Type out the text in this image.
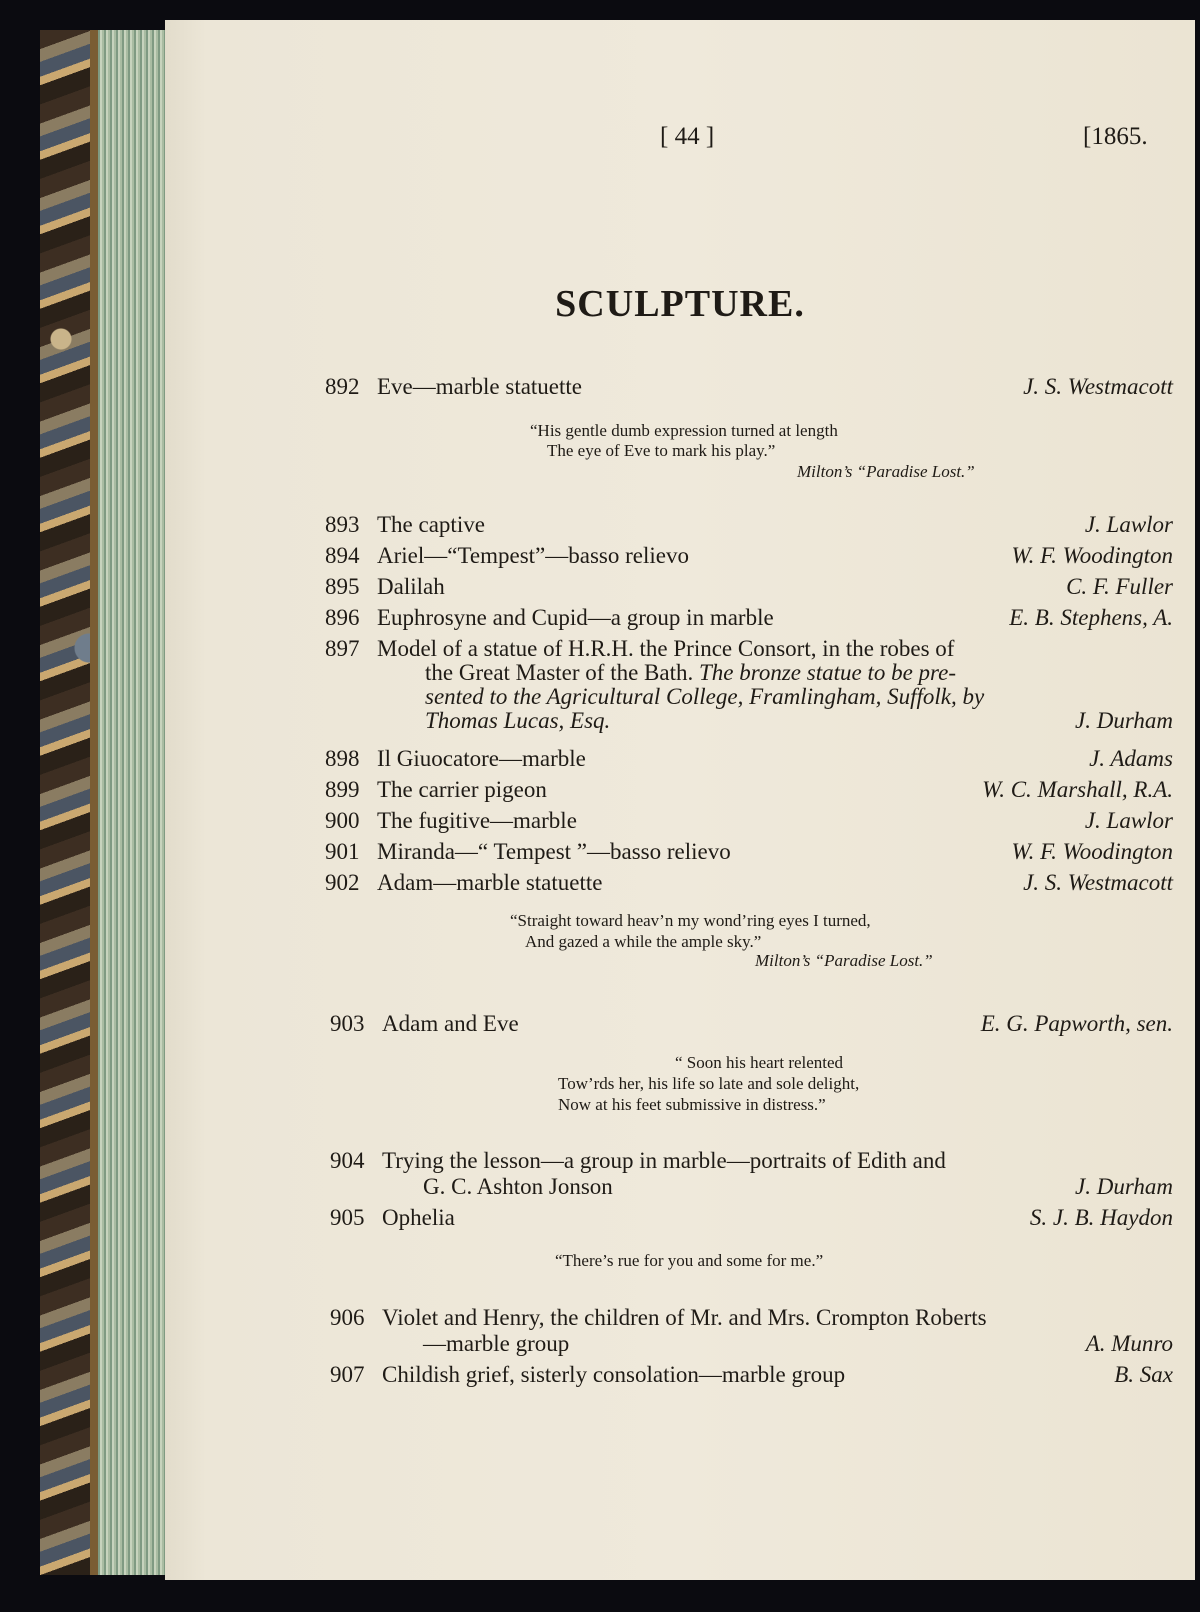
[ 44 ]	[1865.
SCULPTURE.
892 Eve—marble statuette	J. S. Westmacott
“His gentle dumb expression turned at length
The eye of Eve to mark his play.”
Milton’s “Paradise Lost.”
893 The captive	J. Lawlor
894 Ariel—“Tempest”—basso relievo	W. F. Woodington
895 Dalilah	C. F. Fuller
896 Euphrosyne and Cupid—a group in marble	E. B. Stephens, A.
897 Model of a statue of H.R.H. the Prince Consort, in the robes of
the Great Master of the Bath. The bronze statue to be pre-
sented to the Agricultural College, Framlingham, Suffolk, by
Thomas Lucas, Esq.	J. Durham
898 Il Giuocatore—marble	J. Adams
899 The carrier pigeon	W. C. Marshall, R.A.
900 The fugitive—marble	J. Lawlor
901 Miranda—“ Tempest ”—basso relievo	W. F. Woodington
902 Adam—marble statuette	J. S. Westmacott
“Straight toward heav’n my wond’ring eyes I turned,
And gazed a while the ample sky.”
Milton’s “Paradise Lost.”
903 Adam and Eve	E. G. Papworth, sen.
“ Soon his heart relented
Tow’rds her, his life so late and sole delight,
Now at his feet submissive in distress.”
904 Trying the lesson—a group in marble—portraits of Edith and
G. C. Ashton Jonson	J. Durham
905 Ophelia	S. J. B. Haydon
“There’s rue for you and some for me.”
906 Violet and Henry, the children of Mr. and Mrs. Crompton Roberts
—marble group	A. Munro
907 Childish grief, sisterly consolation—marble group	B. Sax
